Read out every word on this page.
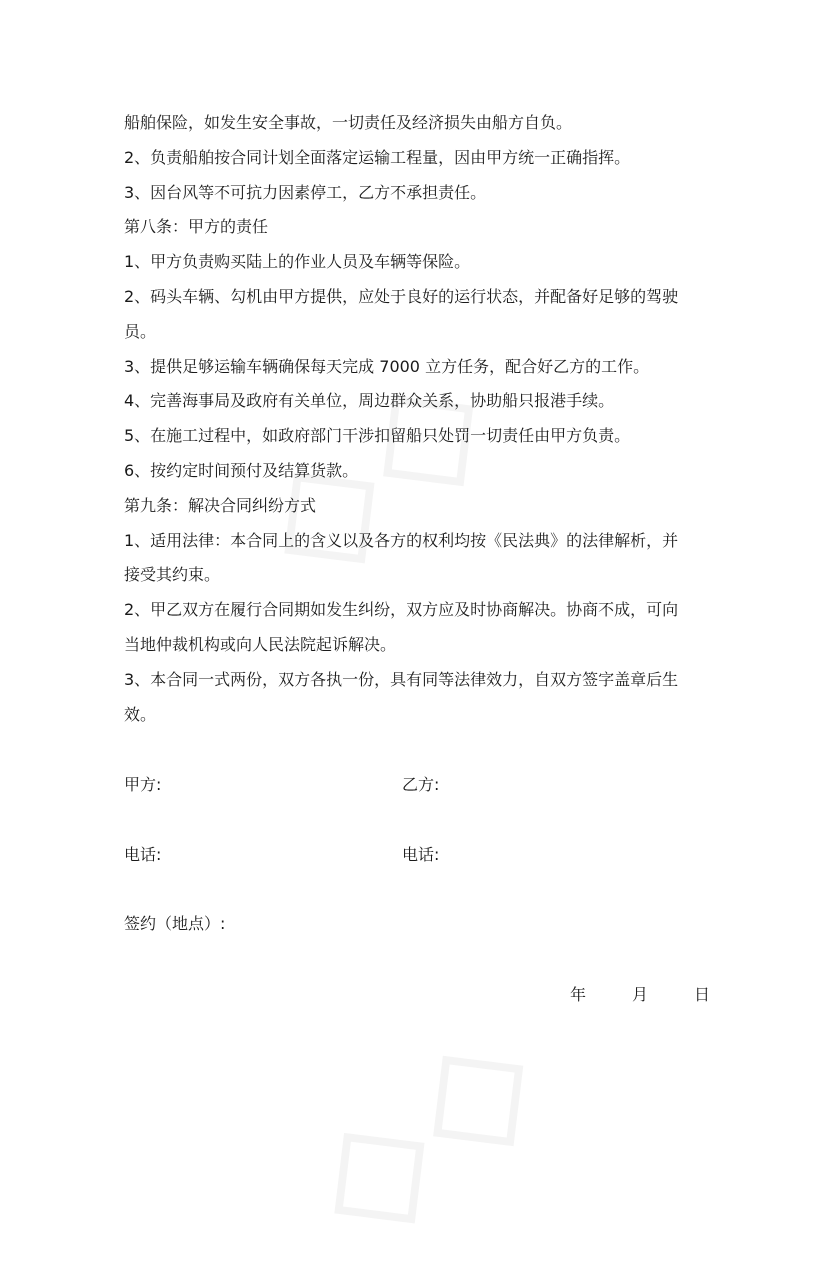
船舶保险，如发生安全事故，一切责任及经济损失由船方自负。

2、负责船舶按合同计划全面落定运输工程量，因由甲方统一正确指挥。

3、因台风等不可抗力因素停工，乙方不承担责任。

第八条：甲方的责任

1、甲方负责购买陆上的作业人员及车辆等保险。

2、码头车辆、勾机由甲方提供，应处于良好的运行状态，并配备好足够的驾驶

员。

3、提供足够运输车辆确保每天完成 7000 立方任务，配合好乙方的工作。

4、完善海事局及政府有关单位，周边群众关系，协助船只报港手续。

5、在施工过程中，如政府部门干涉扣留船只处罚一切责任由甲方负责。

6、按约定时间预付及结算货款。

第九条：解决合同纠纷方式

1、适用法律：本合同上的含义以及各方的权利均按《民法典》的法律解析，并

接受其约束。

2、甲乙双方在履行合同期如发生纠纷，双方应及时协商解决。协商不成，可向

当地仲裁机构或向人民法院起诉解决。

3、本合同一式两份，双方各执一份，具有同等法律效力，自双方签字盖章后生

效。

甲方:	乙方:
电话:	电话:
签约（地点）:
年	月	日
